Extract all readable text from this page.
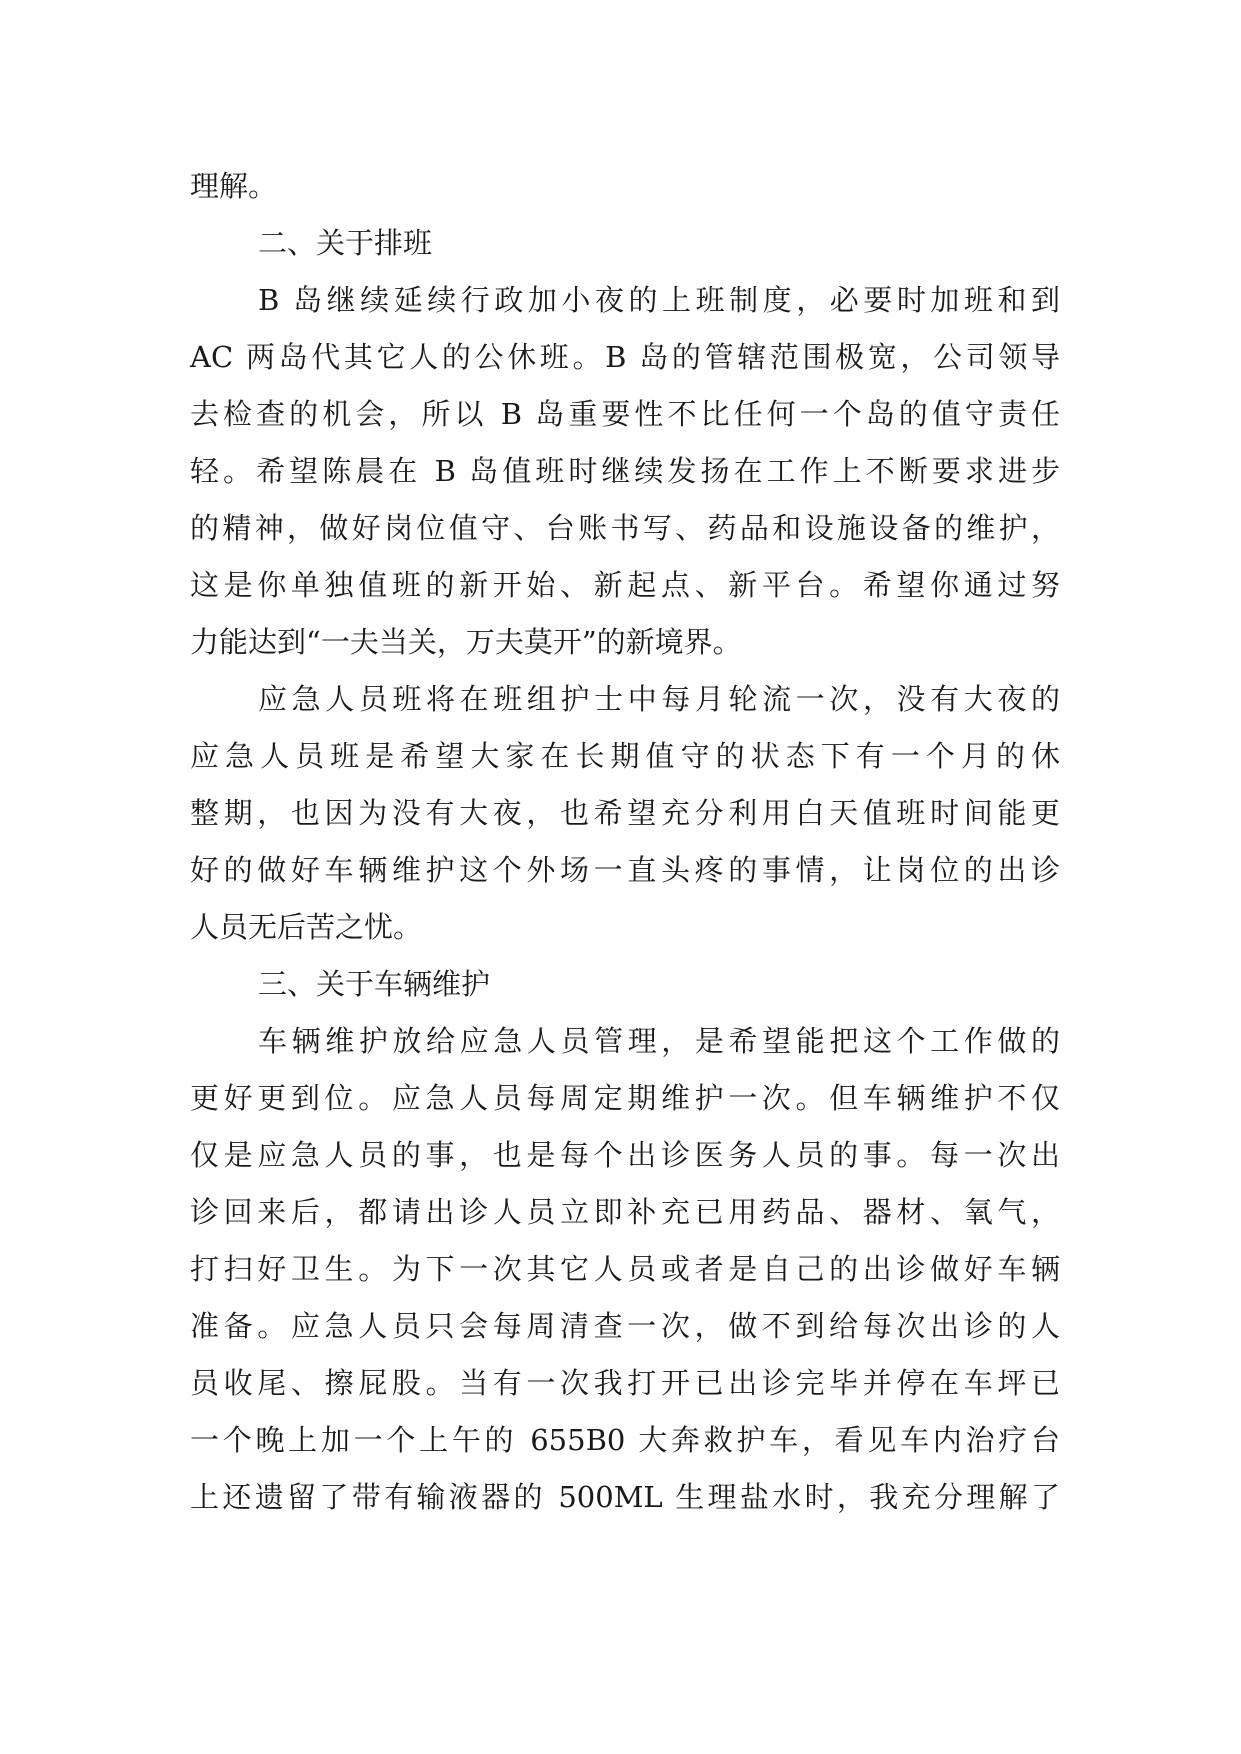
理解。
二、关于排班
B 岛继续延续行政加小夜的上班制度，必要时加班和到
AC 两岛代其它人的公休班。B 岛的管辖范围极宽，公司领导
去检查的机会，所以 B 岛重要性不比任何一个岛的值守责任
轻。希望陈晨在 B 岛值班时继续发扬在工作上不断要求进步
的精神，做好岗位值守、台账书写、药品和设施设备的维护，
这是你单独值班的新开始、新起点、新平台。希望你通过努
力能达到“一夫当关，万夫莫开”的新境界。
应急人员班将在班组护士中每月轮流一次，没有大夜的
应急人员班是希望大家在长期值守的状态下有一个月的休
整期，也因为没有大夜，也希望充分利用白天值班时间能更
好的做好车辆维护这个外场一直头疼的事情，让岗位的出诊
人员无后苦之忧。
三、关于车辆维护
车辆维护放给应急人员管理，是希望能把这个工作做的
更好更到位。应急人员每周定期维护一次。但车辆维护不仅
仅是应急人员的事，也是每个出诊医务人员的事。每一次出
诊回来后，都请出诊人员立即补充已用药品、器材、氧气，
打扫好卫生。为下一次其它人员或者是自己的出诊做好车辆
准备。应急人员只会每周清查一次，做不到给每次出诊的人
员收尾、擦屁股。当有一次我打开已出诊完毕并停在车坪已
一个晚上加一个上午的 655B0 大奔救护车，看见车内治疗台
上还遗留了带有输液器的 500ML 生理盐水时，我充分理解了
